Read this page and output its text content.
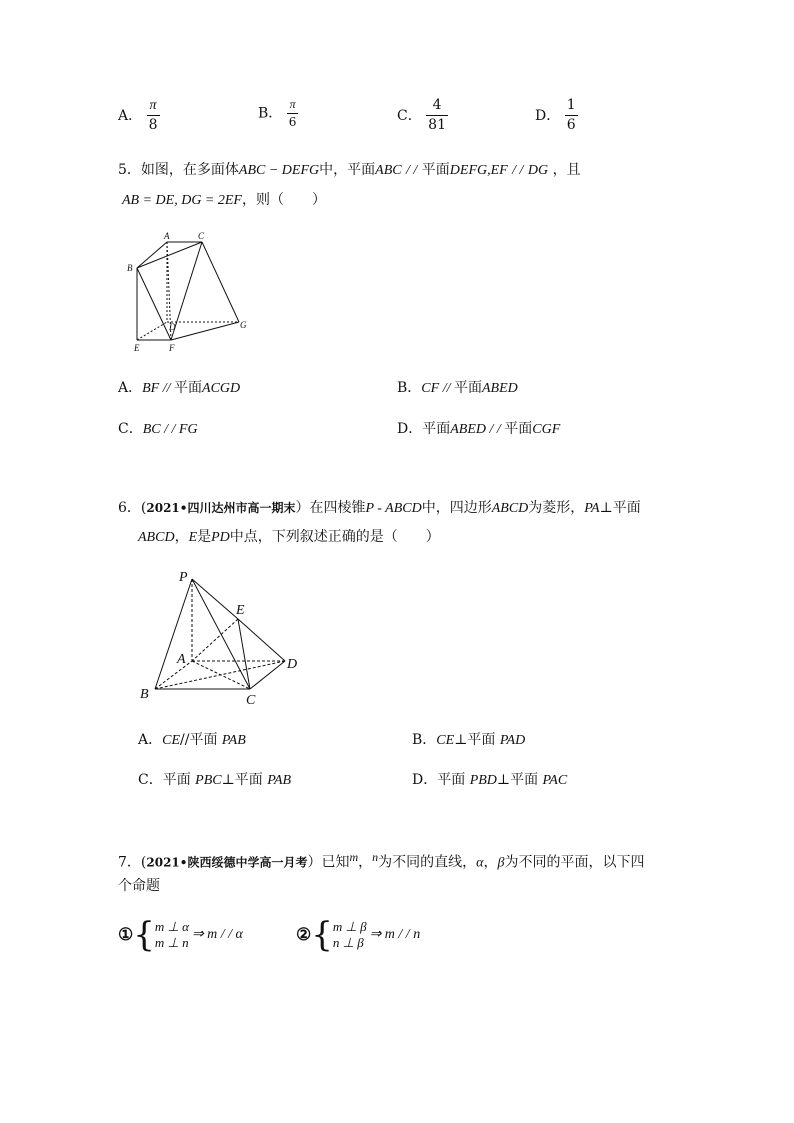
A． $\frac{\pi}{8}$	B． $\frac{\pi}{6}$	C． $\frac{4}{81}$	D． $\frac{1}{6}$
5．如图，在多面体ABC − DEFG中，平面ABC / / 平面DEFG,EF / / DG ，且
AB = DE, DG = 2EF，则（　　）
A	C
B
D	G
E	F
A．BF // 平面ACGD	B．CF // 平面ABED
C．BC / / FG	D．平面ABED / / 平面CGF
6．(2021•四川达州市高一期末）在四棱锥P - ABCD中，四边形ABCD为菱形，PA⊥平面
ABCD，E是PD中点，下列叙述正确的是（　　）
P
E
A	D
B	C
A．CE//平面 PAB	B．CE⊥平面 PAD
C．平面 PBC⊥平面 PAB	D．平面 PBD⊥平面 PAC
7．(2021•陕西绥德中学高一月考）已知$^m$，$^n$为不同的直线，α，β为不同的平面，以下四
个命题
① { m ⊥ α
m ⊥ n
⇒ m / / α	② { m ⊥ β
n ⊥ β
⇒ m / / n
